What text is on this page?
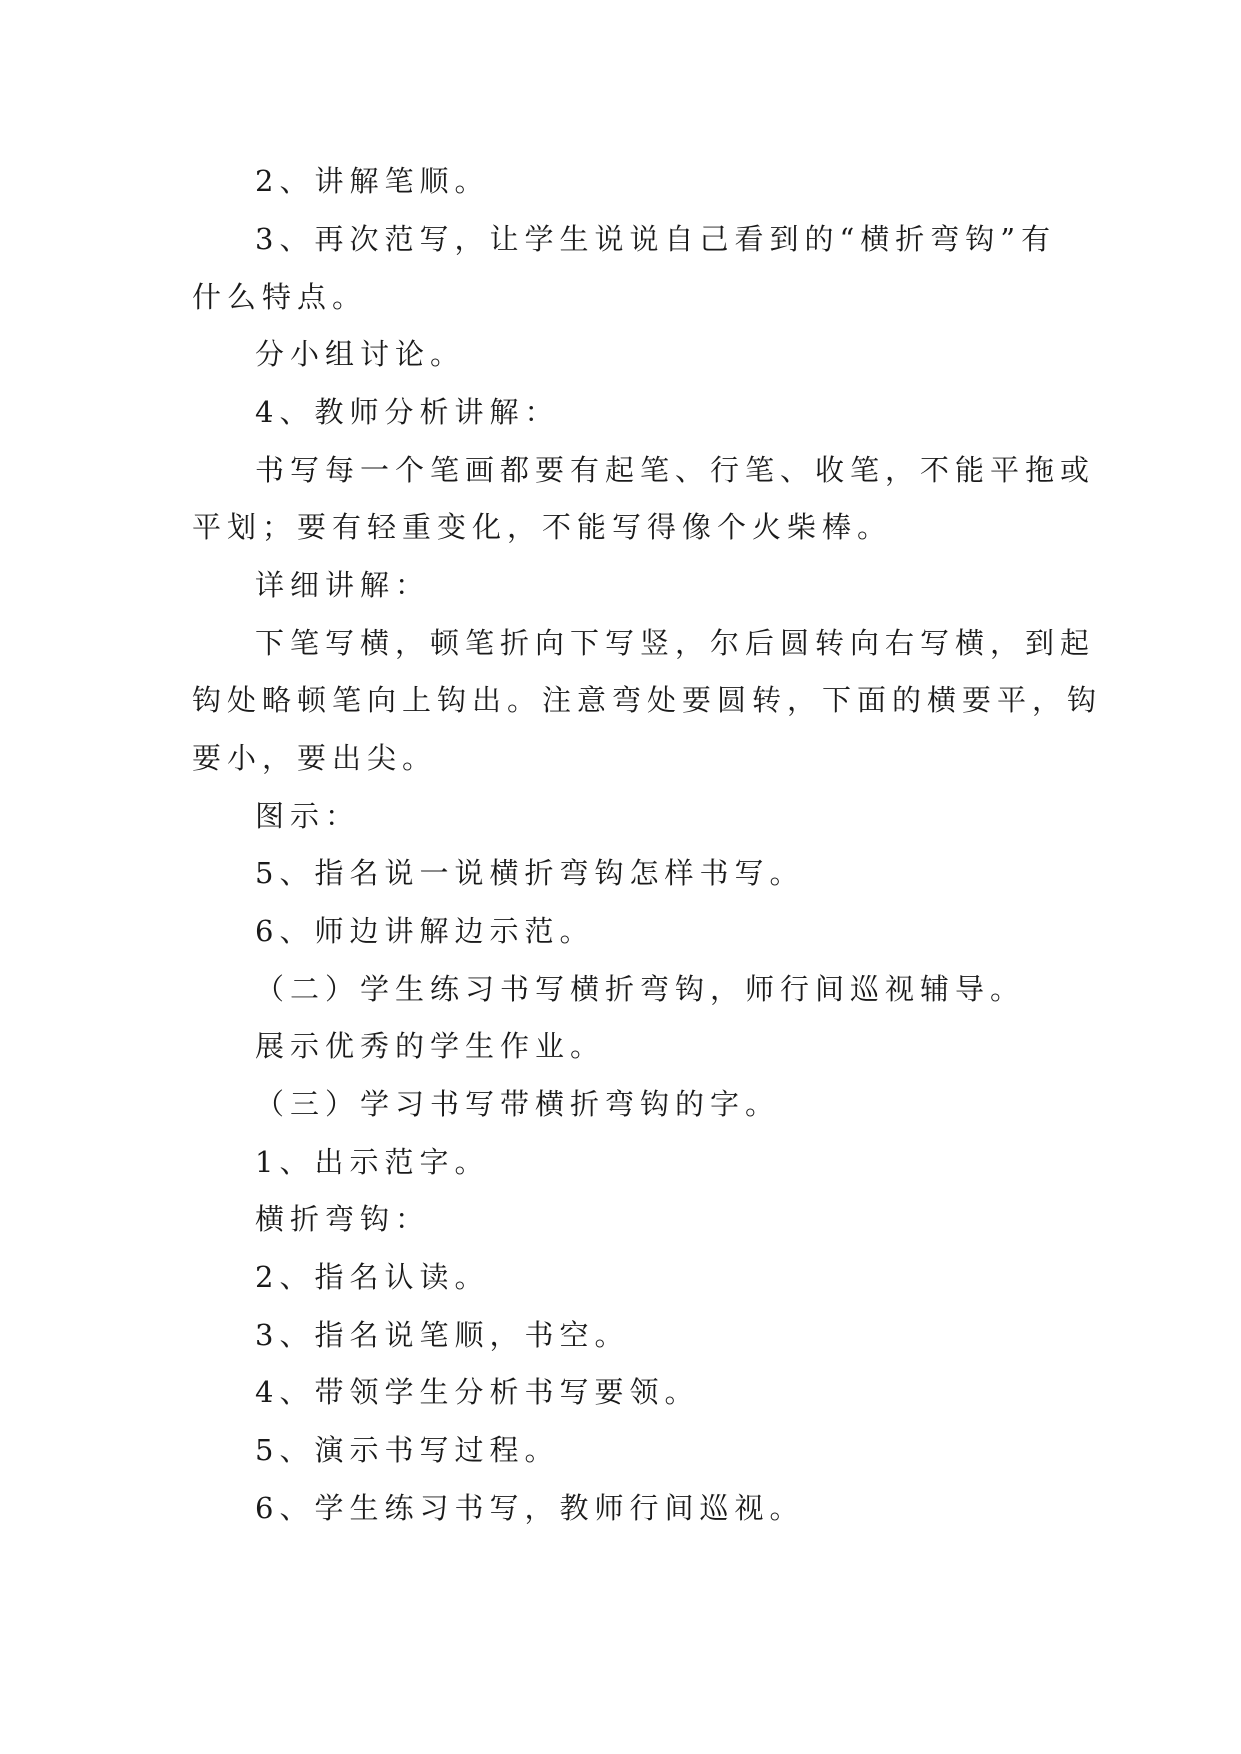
2、讲解笔顺。
3、再次范写，让学生说说自己看到的“横折弯钩”有
什么特点。
分小组讨论。
4、教师分析讲解：
书写每一个笔画都要有起笔、行笔、收笔，不能平拖或
平划；要有轻重变化，不能写得像个火柴棒。
详细讲解：
下笔写横，顿笔折向下写竖，尔后圆转向右写横，到起
钩处略顿笔向上钩出。注意弯处要圆转，下面的横要平，钩
要小，要出尖。
图示：
5、指名说一说横折弯钩怎样书写。
6、师边讲解边示范。
（二）学生练习书写横折弯钩，师行间巡视辅导。
展示优秀的学生作业。
（三）学习书写带横折弯钩的字。
1、出示范字。
横折弯钩：
2、指名认读。
3、指名说笔顺，书空。
4、带领学生分析书写要领。
5、演示书写过程。
6、学生练习书写，教师行间巡视。
